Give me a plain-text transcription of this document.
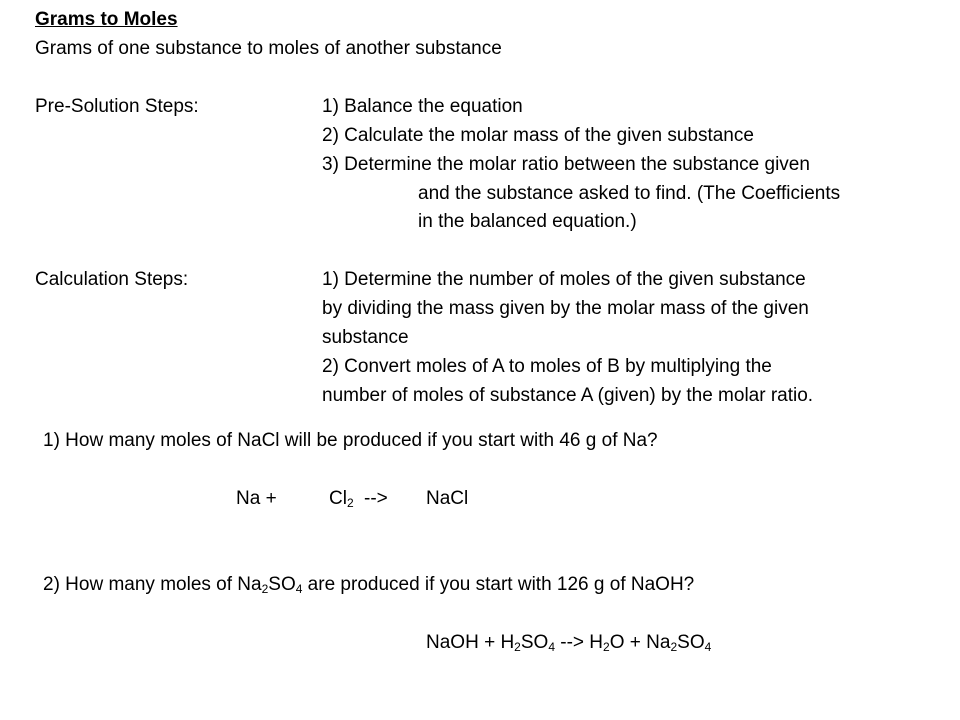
Grams to Moles
Grams of one substance to moles of another substance
Pre-Solution Steps:	1) Balance the equation
2) Calculate the molar mass of the given substance
3) Determine the molar ratio between the substance given
and the substance asked to find. (The Coefficients
in the balanced equation.)
Calculation Steps:	1) Determine the number of moles of the given substance
by dividing the mass given by the molar mass of the given
substance
2) Convert moles of A to moles of B by multiplying the
number of moles of substance A (given) by the molar ratio.
1) How many moles of NaCl will be produced if you start with 46 g of Na?
Na +	$Cl_2$ --> NaCl
2) How many moles of $Na_2SO_4$ are produced if you start with 126 g of NaOH?
NaOH + $H_2SO_4$ --> $H_2O + Na_2SO_4$
